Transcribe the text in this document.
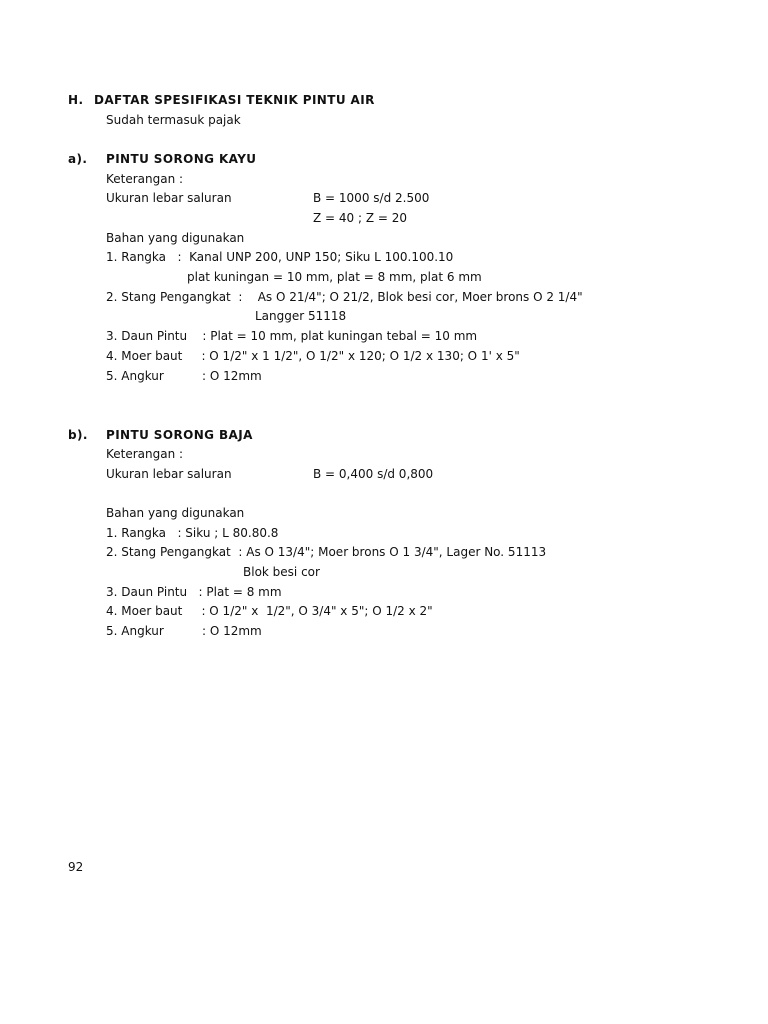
H. DAFTAR SPESIFIKASI TEKNIK PINTU AIR
Sudah termasuk pajak
a). PINTU SORONG KAYU
Keterangan :
Ukuran lebar saluran	B = 1000 s/d 2.500
Z = 40 ; Z = 20
Bahan yang digunakan
1. Rangka   :  Kanal UNP 200, UNP 150; Siku L 100.100.10
plat kuningan = 10 mm, plat = 8 mm, plat 6 mm
2. Stang Pengangkat  :    As O 21/4"; O 21/2, Blok besi cor, Moer brons O 2 1/4"
Langger 51118
3. Daun Pintu    : Plat = 10 mm, plat kuningan tebal = 10 mm
4. Moer baut     : O 1/2" x 1 1/2", O 1/2" x 120; O 1/2 x 130; O 1' x 5"
5. Angkur          : O 12mm
b). PINTU SORONG BAJA
Keterangan :
Ukuran lebar saluran	B = 0,400 s/d 0,800
Bahan yang digunakan
1. Rangka   : Siku ; L 80.80.8
2. Stang Pengangkat  : As O 13/4"; Moer brons O 1 3/4", Lager No. 51113
Blok besi cor
3. Daun Pintu   : Plat = 8 mm
4. Moer baut     : O 1/2" x  1/2", O 3/4" x 5"; O 1/2 x 2"
5. Angkur          : O 12mm
92
